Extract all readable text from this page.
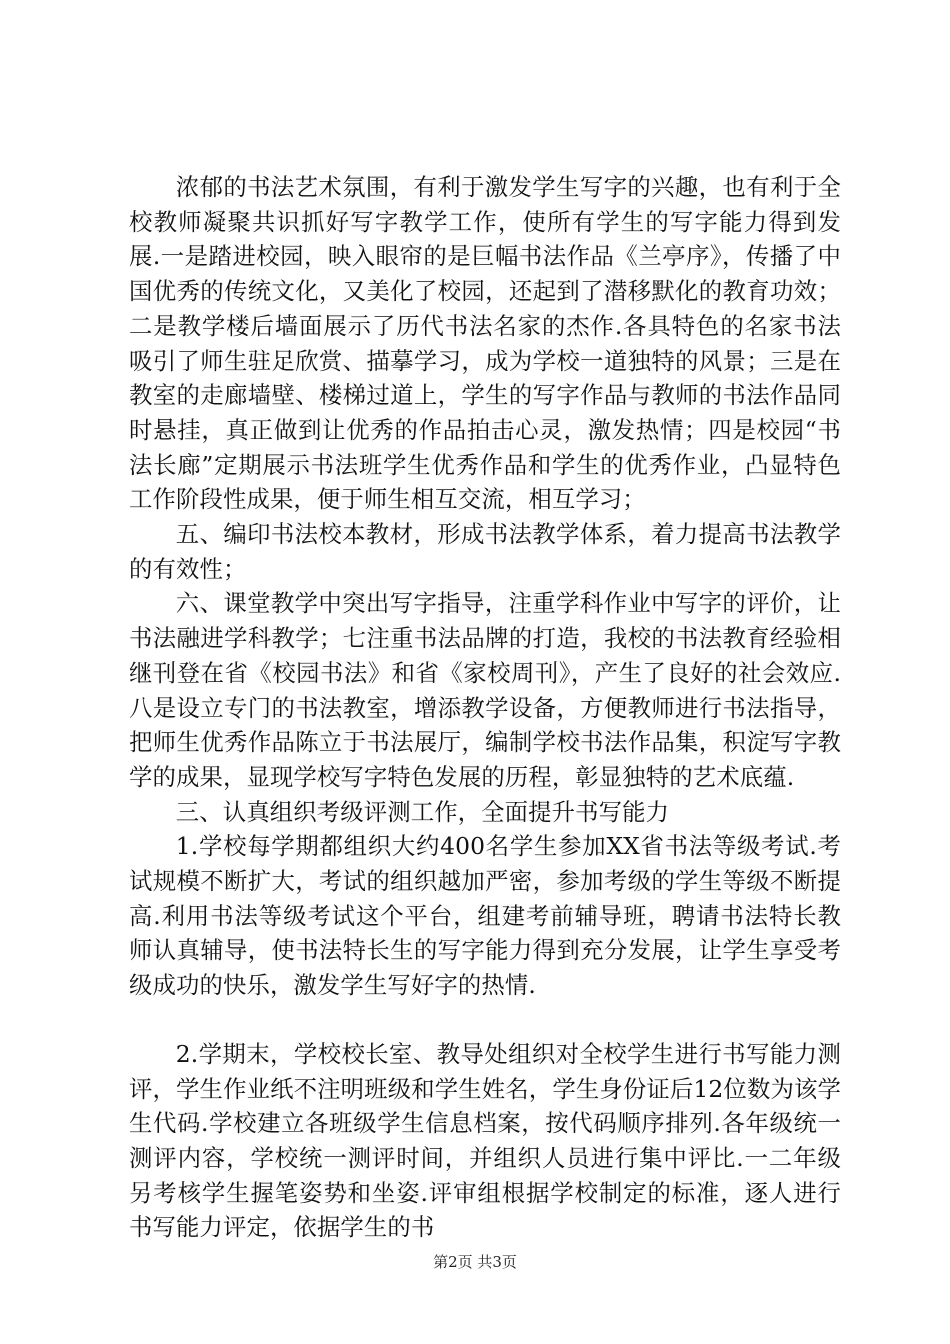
浓郁的书法艺术氛围，有利于激发学生写字的兴趣，也有利于全校教师凝聚共识抓好写字教学工作，使所有学生的写字能力得到发展.一是踏进校园，映入眼帘的是巨幅书法作品《兰亭序》，传播了中国优秀的传统文化，又美化了校园，还起到了潜移默化的教育功效；二是教学楼后墙面展示了历代书法名家的杰作.各具特色的名家书法吸引了师生驻足欣赏、描摹学习，成为学校一道独特的风景；三是在教室的走廊墙壁、楼梯过道上，学生的写字作品与教师的书法作品同时悬挂，真正做到让优秀的作品拍击心灵，激发热情；四是校园“书法长廊”定期展示书法班学生优秀作品和学生的优秀作业，凸显特色工作阶段性成果，便于师生相互交流，相互学习；

五、编印书法校本教材，形成书法教学体系，着力提高书法教学的有效性；

六、课堂教学中突出写字指导，注重学科作业中写字的评价，让书法融进学科教学；七注重书法品牌的打造，我校的书法教育经验相继刊登在省《校园书法》和省《家校周刊》，产生了良好的社会效应.八是设立专门的书法教室，增添教学设备，方便教师进行书法指导，把师生优秀作品陈立于书法展厅，编制学校书法作品集，积淀写字教学的成果，显现学校写字特色发展的历程，彰显独特的艺术底蕴.

三、认真组织考级评测工作，全面提升书写能力

1.学校每学期都组织大约400名学生参加XX省书法等级考试.考试规模不断扩大，考试的组织越加严密，参加考级的学生等级不断提高.利用书法等级考试这个平台，组建考前辅导班，聘请书法特长教师认真辅导，使书法特长生的写字能力得到充分发展，让学生享受考级成功的快乐，激发学生写好字的热情.

2.学期末，学校校长室、教导处组织对全校学生进行书写能力测评，学生作业纸不注明班级和学生姓名，学生身份证后12位数为该学生代码.学校建立各班级学生信息档案，按代码顺序排列.各年级统一测评内容，学校统一测评时间，并组织人员进行集中评比.一二年级另考核学生握笔姿势和坐姿.评审组根据学校制定的标准，逐人进行书写能力评定，依据学生的书

第2页 共3页
